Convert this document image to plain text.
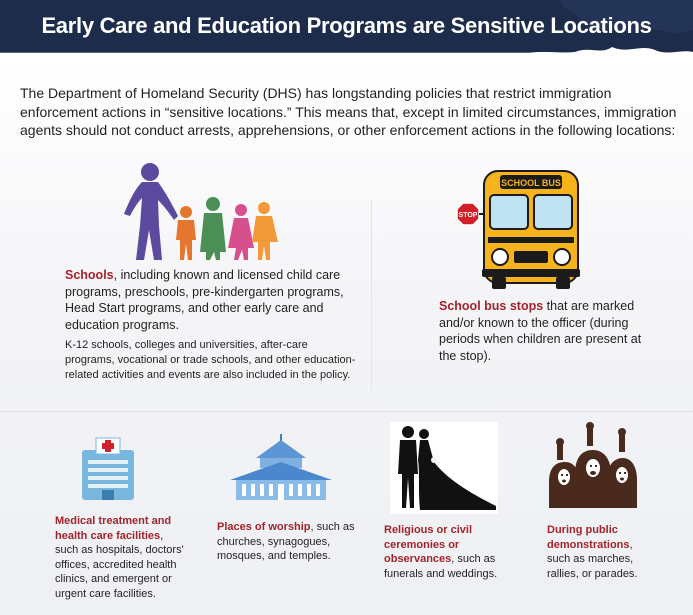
Early Care and Education Programs are Sensitive Locations
The Department of Homeland Security (DHS) has longstanding policies that restrict immigration enforcement actions in “sensitive locations.” This means that, except in limited circumstances, immigration agents should not conduct arrests, apprehensions, or other enforcement actions in the following locations:
Schools, including known and licensed child care programs, preschools, pre-kindergarten programs, Head Start programs, and other early care and education programs.
K-12 schools, colleges and universities, after-care programs, vocational or trade schools, and other education-related activities and events are also included in the policy.
SCHOOL BUS
STOP
School bus stops that are marked and/or known to the officer (during periods when children are present at the stop).
Medical treatment and health care facilities, such as hospitals, doctors' offices, accredited health clinics, and emergent or urgent care facilities.
Places of worship, such as churches, synagogues, mosques, and temples.
Religious or civil ceremonies or observances, such as funerals and weddings.
During public demonstrations, such as marches, rallies, or parades.
